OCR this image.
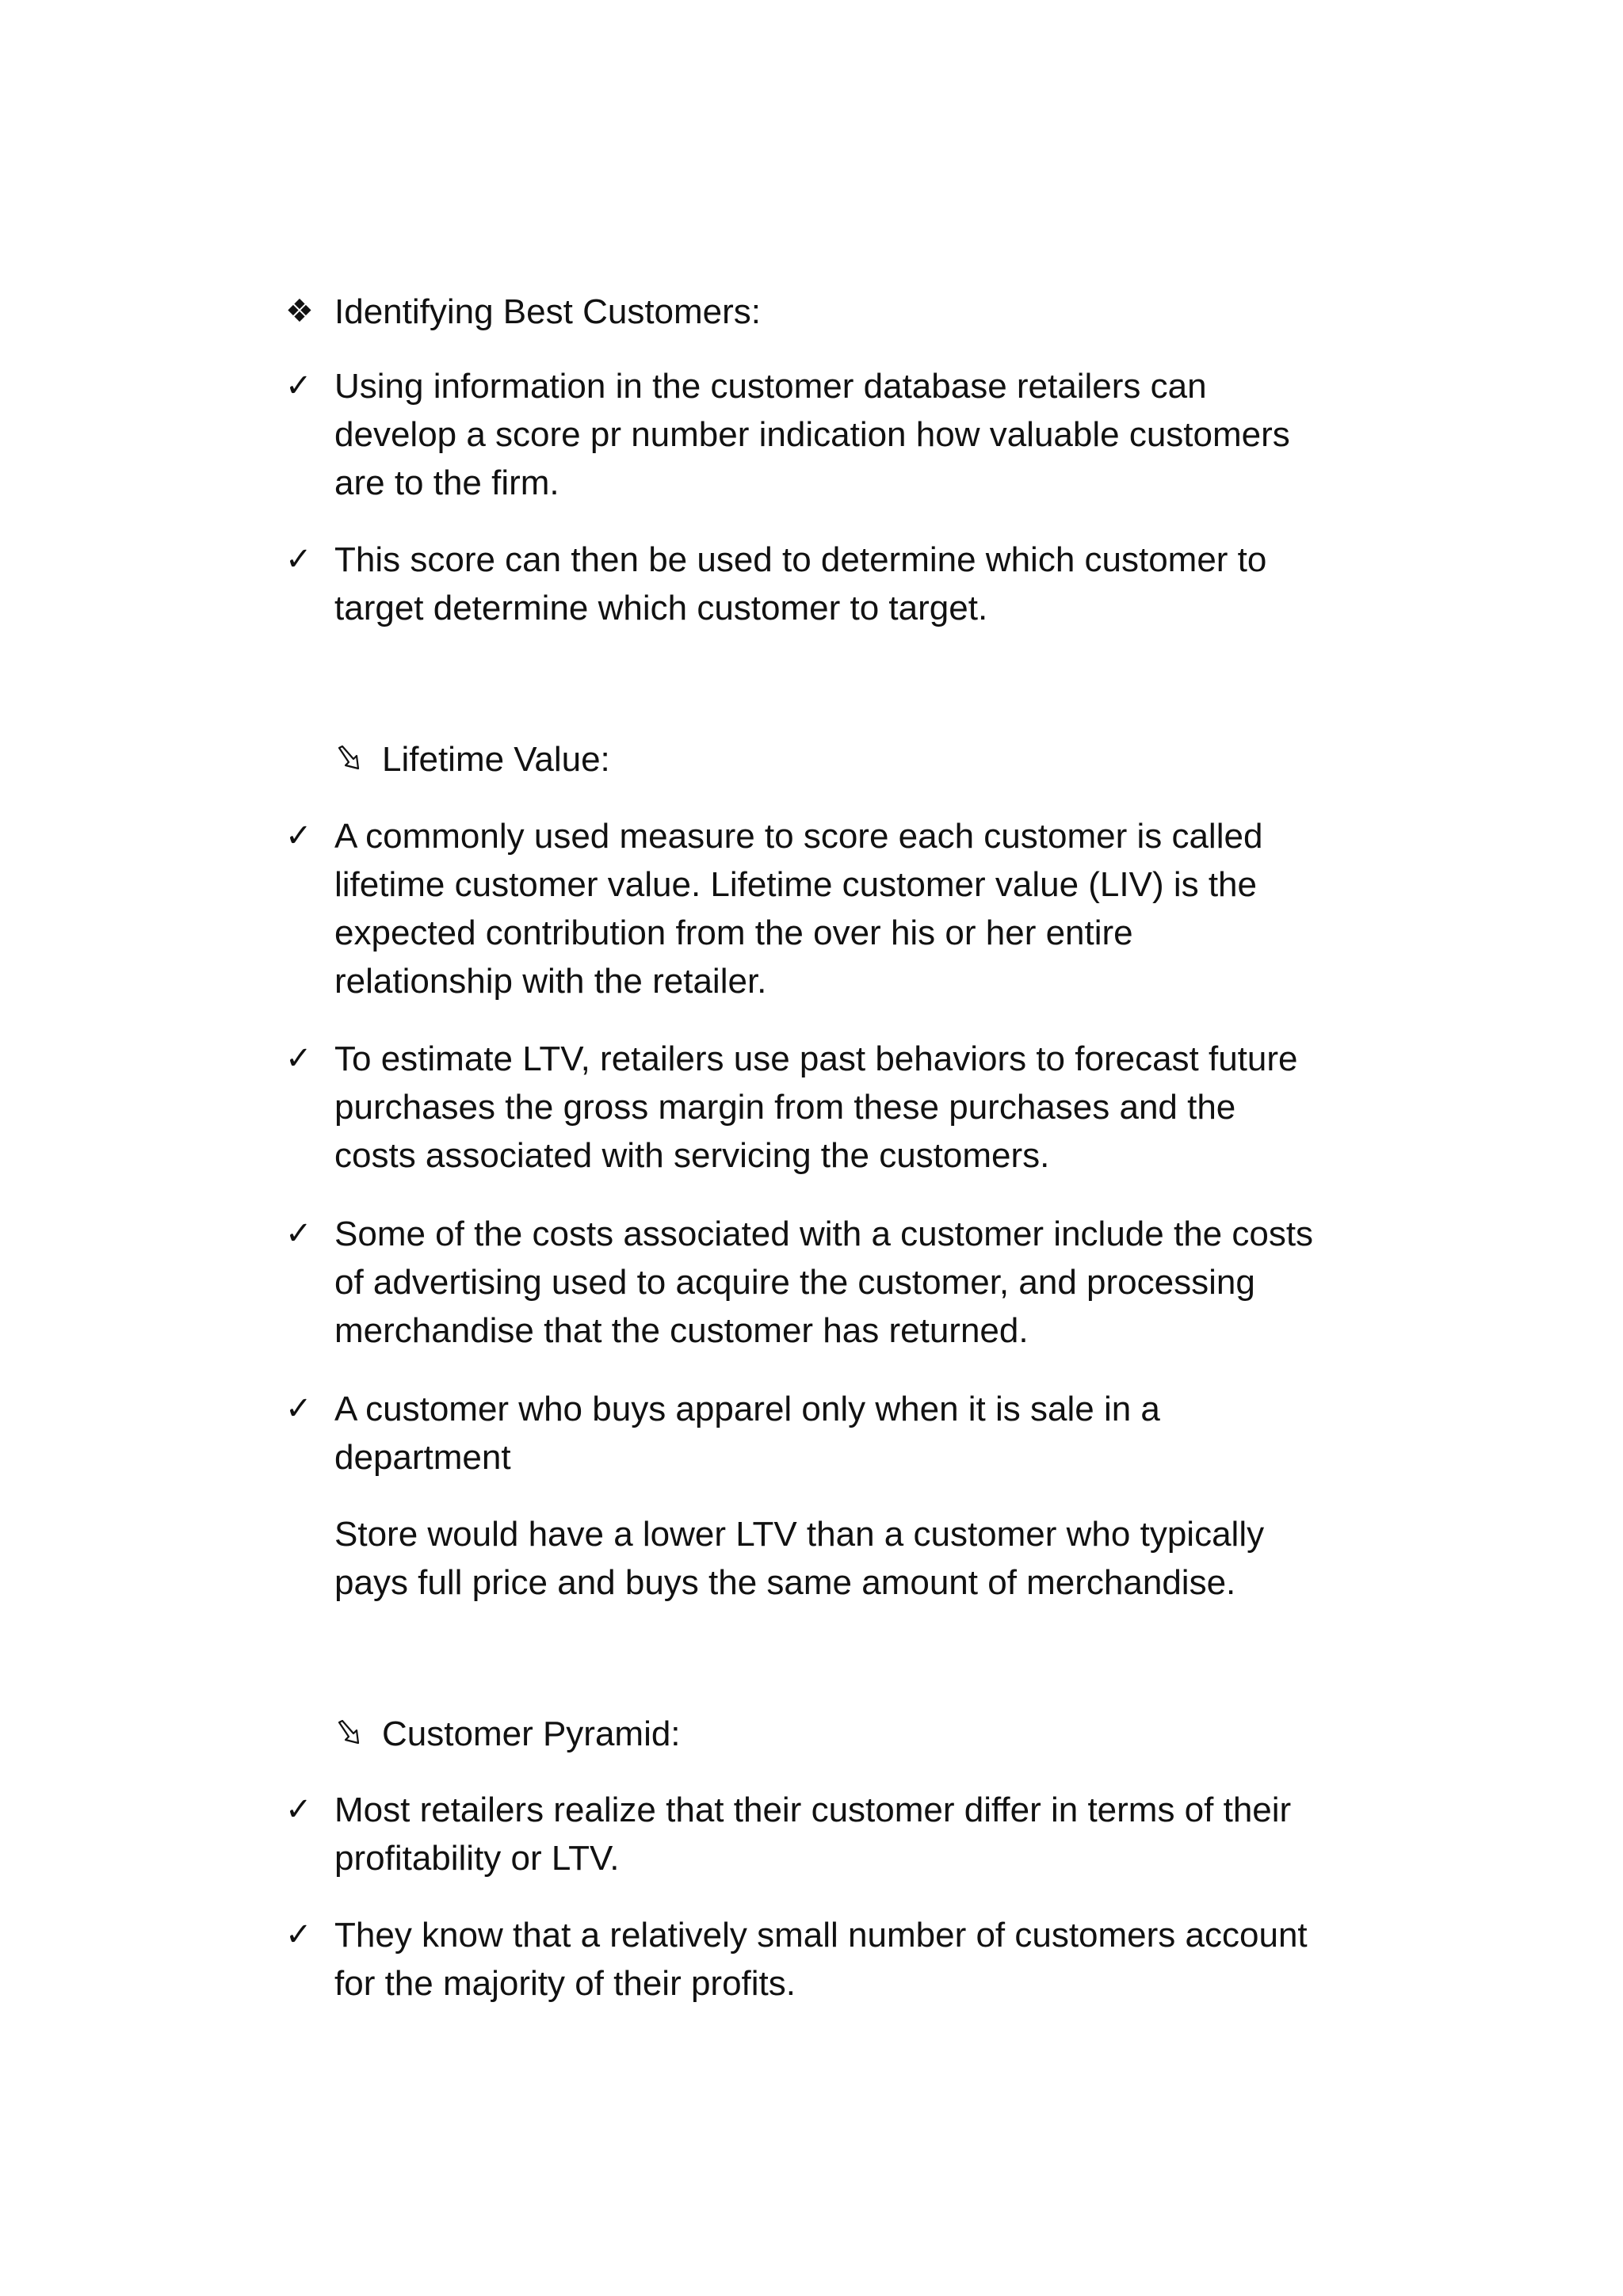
❖ Identifying Best Customers:
✓ Using information in the customer database retailers can
develop a score pr number indication how valuable customers
are to the firm.
✓ This score can then be used to determine which customer to
target determine which customer to target.
Lifetime Value:
✓ A commonly used measure to score each customer is called
lifetime customer value. Lifetime customer value (LIV) is the
expected contribution from the over his or her entire
relationship with the retailer.
✓ To estimate LTV, retailers use past behaviors to forecast future
purchases the gross margin from these purchases and the
costs associated with servicing the customers.
✓ Some of the costs associated with a customer include the costs
of advertising used to acquire the customer, and processing
merchandise that the customer has returned.
✓ A customer who buys apparel only when it is sale in a
department
Store would have a lower LTV than a customer who typically
pays full price and buys the same amount of merchandise.
Customer Pyramid:
✓ Most retailers realize that their customer differ in terms of their
profitability or LTV.
✓ They know that a relatively small number of customers account
for the majority of their profits.
